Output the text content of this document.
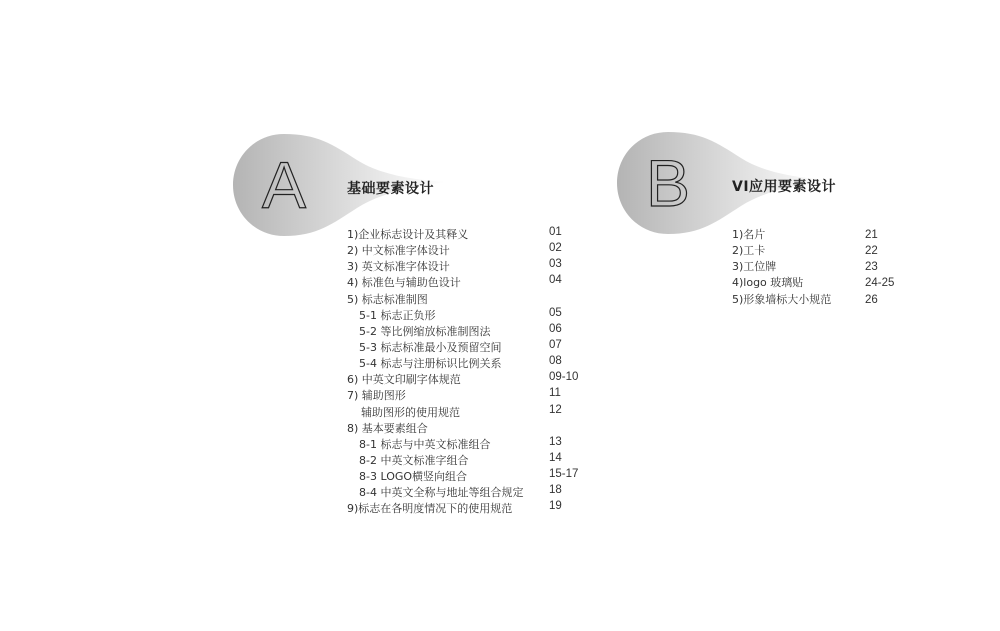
A	基础要素设计
1)企业标志设计及其释义	01
2) 中文标准字体设计	02
3) 英文标准字体设计	03
4) 标准色与辅助色设计	04
5) 标志标准制图
5-1 标志正负形	05
5-2 等比例缩放标准制图法	06
5-3 标志标准最小及预留空间	07
5-4 标志与注册标识比例关系	08
6) 中英文印刷字体规范	09-10
7) 辅助图形	11
辅助图形的使用规范	12
8) 基本要素组合
8-1 标志与中英文标准组合	13
8-2 中英文标准字组合	14
8-3 LOGO横竖向组合	15-17
8-4 中英文全称与地址等组合规定 18
9)标志在各明度情况下的使用规范	19
B	VI应用要素设计
1)名片	21
2)工卡	22
3)工位牌	23
4)logo 玻璃贴	24-25
5)形象墙标大小规范	26
